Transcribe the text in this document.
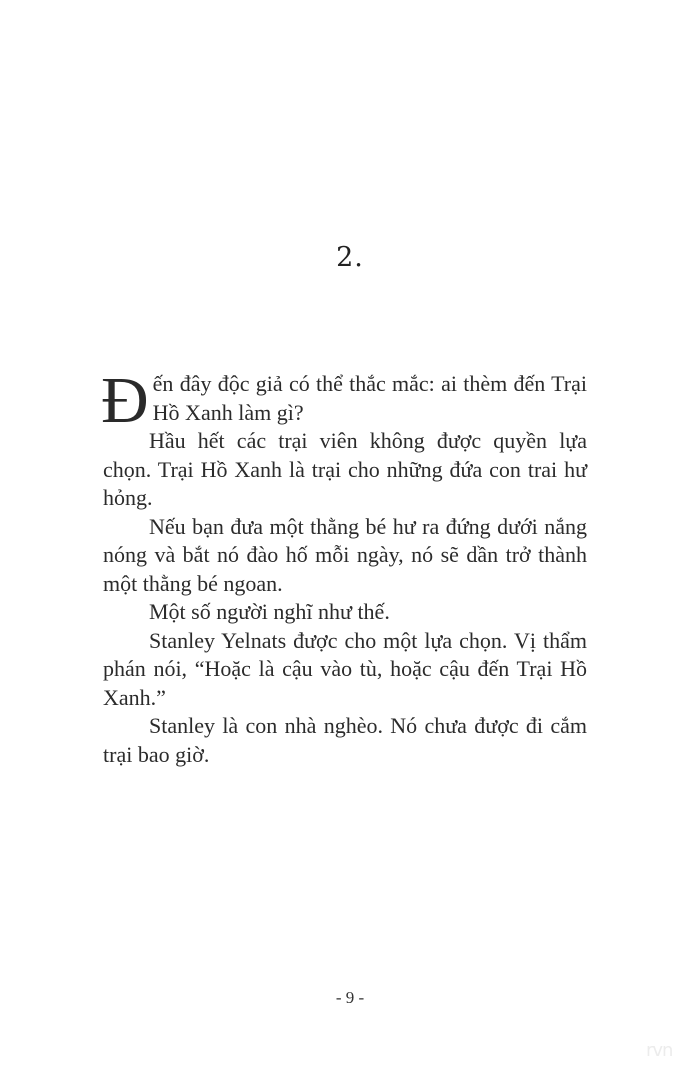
2.

Đến đây độc giả có thể thắc mắc: ai thèm đến Trại Hồ Xanh làm gì?

Hầu hết các trại viên không được quyền lựa chọn. Trại Hồ Xanh là trại cho những đứa con trai hư hỏng.

Nếu bạn đưa một thằng bé hư ra đứng dưới nắng nóng và bắt nó đào hố mỗi ngày, nó sẽ dần trở thành một thằng bé ngoan.

Một số người nghĩ như thế.

Stanley Yelnats được cho một lựa chọn. Vị thẩm phán nói, “Hoặc là cậu vào tù, hoặc cậu đến Trại Hồ Xanh.”

Stanley là con nhà nghèo. Nó chưa được đi cắm trại bao giờ.

- 9 -
rvn
